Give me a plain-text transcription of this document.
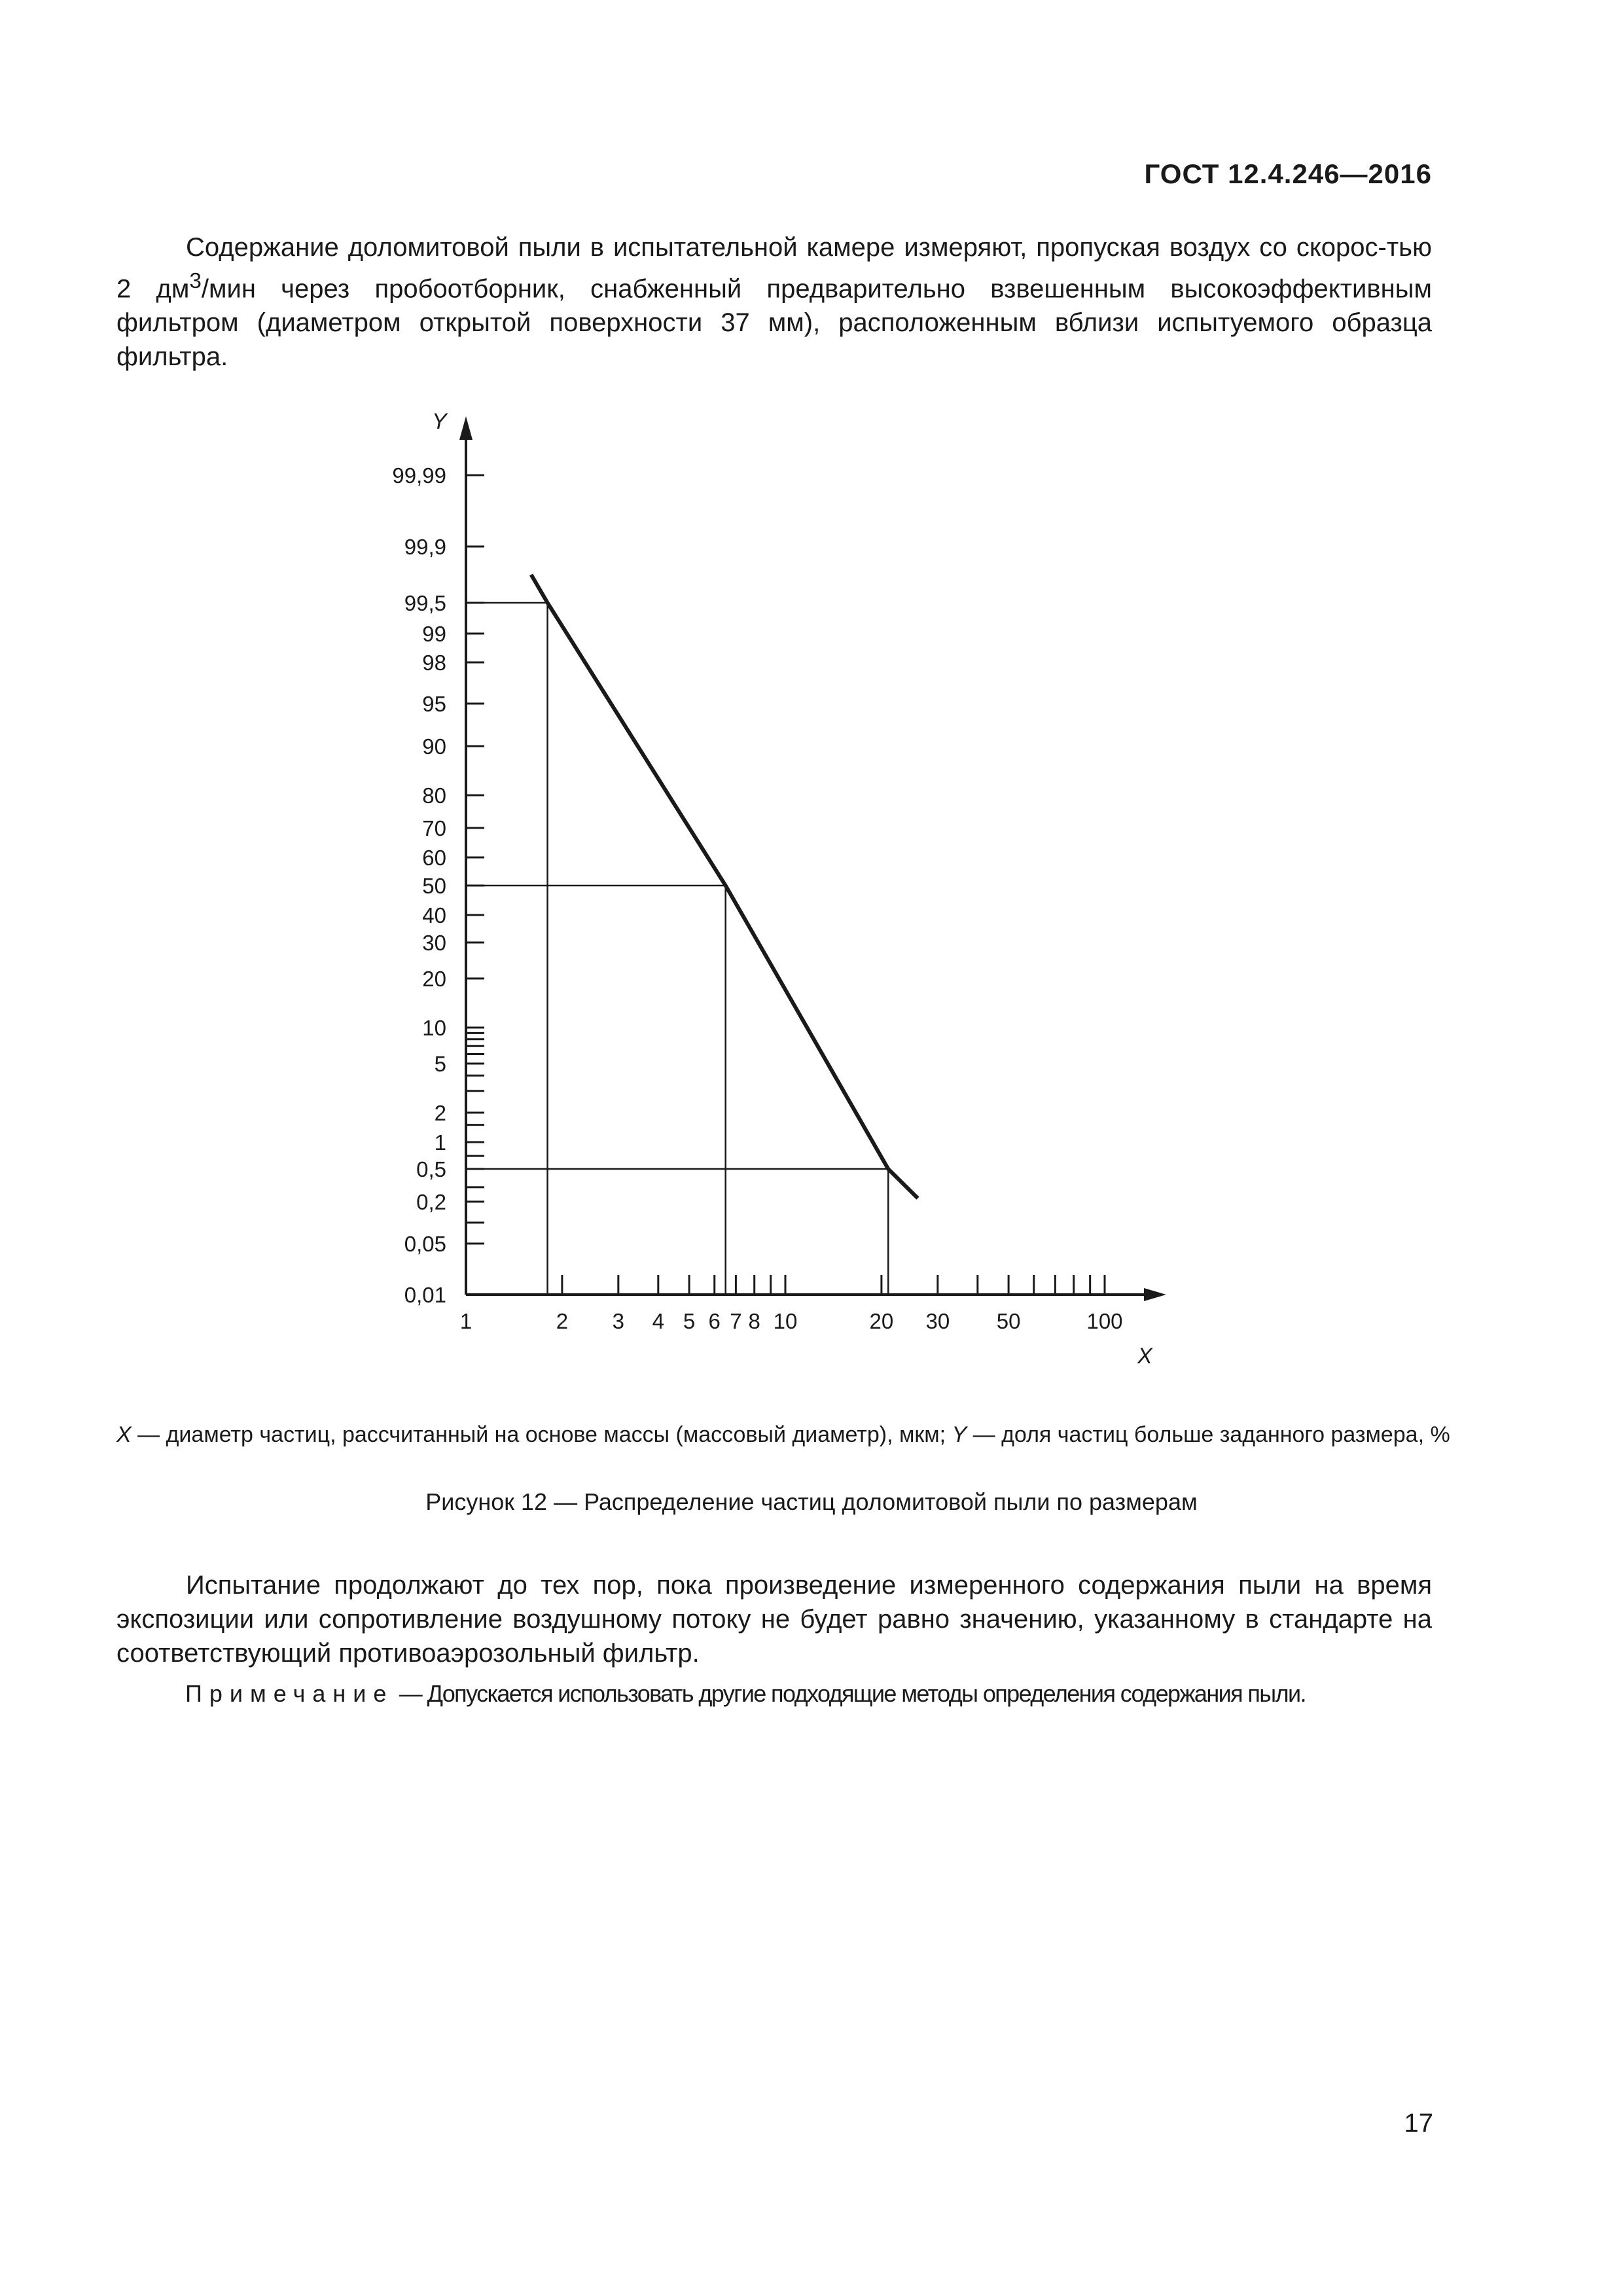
ГОСТ 12.4.246—2016
Содержание доломитовой пыли в испытательной камере измеряют, пропуская воздух со скорос-тью 2 $дм^3$/мин через пробоотборник, снабженный предварительно взвешенным высокоэффективным фильтром (диаметром открытой поверхности 37 мм), расположенным вблизи испытуемого образца фильтра.
Y
X
99,99
99,9
99,5
99
98
95
90
80
70
60
50
40
30
20
10
5
2
1
0,5
0,2
0,05
0,01
1	2 3 4 5 6 7 8 10	20 30 50	100
X — диаметр частиц, рассчитанный на основе массы (массовый диаметр), мкм; Y — доля частиц больше заданного размера, %
Рисунок 12 — Распределение частиц доломитовой пыли по размерам
Испытание продолжают до тех пор, пока произведение измеренного содержания пыли на время экспозиции или сопротивление воздушному потоку не будет равно значению, указанному в стандарте на соответствующий противоаэрозольный фильтр.
Примечание — Допускается использовать другие подходящие методы определения содержания пыли.
17
